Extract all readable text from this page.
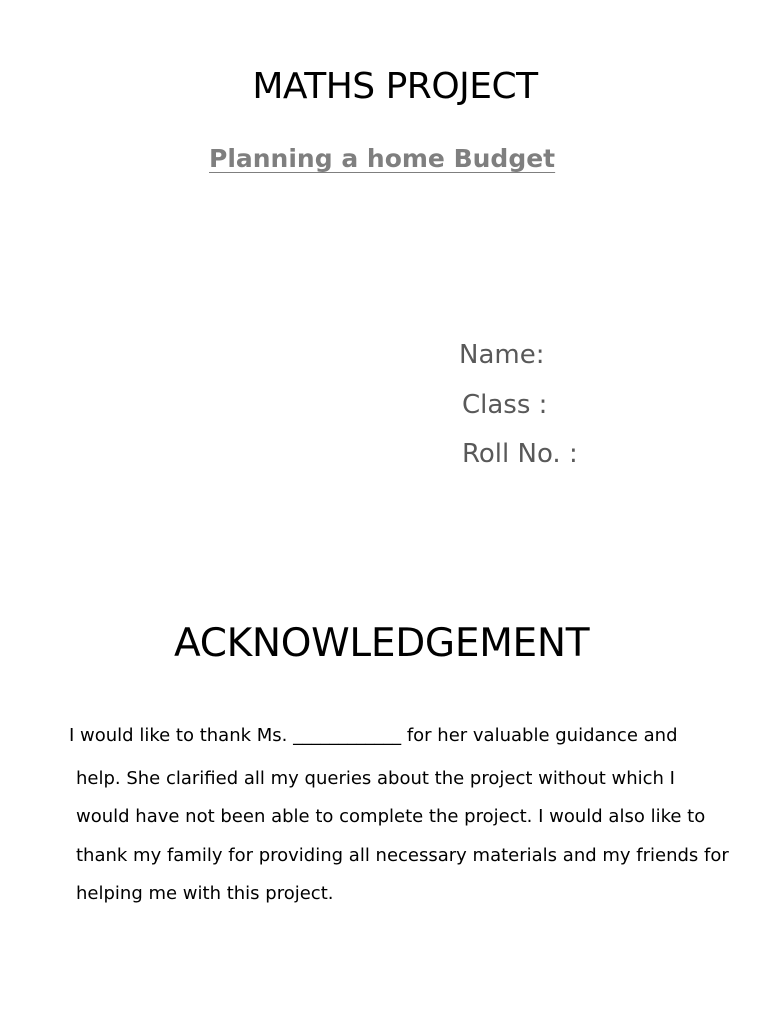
MATHS PROJECT
Planning a home Budget
Name:
Class :
Roll No. :
ACKNOWLEDGEMENT

I would like to thank Ms. ____________ for her valuable guidance and

help. She clarified all my queries about the project without which I

would have not been able to complete the project. I would also like to

thank my family for providing all necessary materials and my friends for

helping me with this project.
